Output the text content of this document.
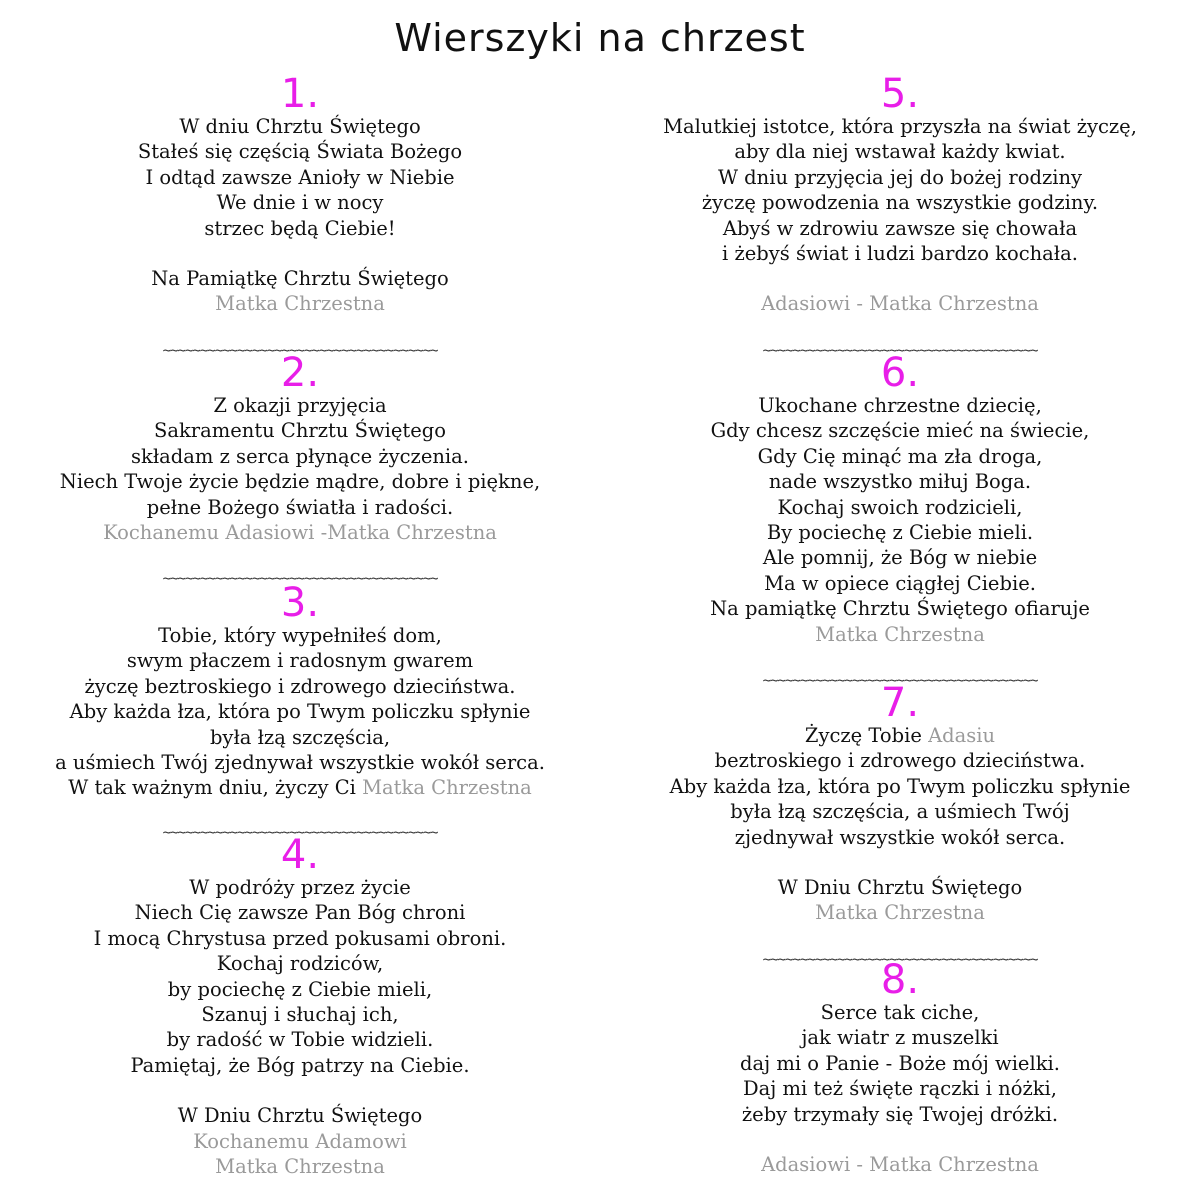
Wierszyki na chrzest
1.
W dniu Chrztu Świętego
Stałeś się częścią Świata Bożego
I odtąd zawsze Anioły w Niebie
We dnie i w nocy
strzec będą Ciebie!
Na Pamiątkę Chrztu Świętego
Matka Chrzestna
~~~~~~~~~~~~~~~~~~~~~~~~~~~~~~~~~~~~~
2.
Z okazji przyjęcia
Sakramentu Chrztu Świętego
składam z serca płynące życzenia.
Niech Twoje życie będzie mądre, dobre i piękne,
pełne Bożego światła i radości.
Kochanemu Adasiowi -Matka Chrzestna
~~~~~~~~~~~~~~~~~~~~~~~~~~~~~~~~~~~~~
3.
Tobie, który wypełniłeś dom,
swym płaczem i radosnym gwarem
życzę beztroskiego i zdrowego dzieciństwa.
Aby każda łza, która po Twym policzku spłynie
była łzą szczęścia,
a uśmiech Twój zjednywał wszystkie wokół serca.
W tak ważnym dniu, życzy Ci Matka Chrzestna
~~~~~~~~~~~~~~~~~~~~~~~~~~~~~~~~~~~~~
4.
W podróży przez życie
Niech Cię zawsze Pan Bóg chroni
I mocą Chrystusa przed pokusami obroni.
Kochaj rodziców,
by pociechę z Ciebie mieli,
Szanuj i słuchaj ich,
by radość w Tobie widzieli.
Pamiętaj, że Bóg patrzy na Ciebie.
W Dniu Chrztu Świętego
Kochanemu Adamowi
Matka Chrzestna
5.
Malutkiej istotce, która przyszła na świat życzę,
aby dla niej wstawał każdy kwiat.
W dniu przyjęcia jej do bożej rodziny
życzę powodzenia na wszystkie godziny.
Abyś w zdrowiu zawsze się chowała
i żebyś świat i ludzi bardzo kochała.
Adasiowi - Matka Chrzestna
~~~~~~~~~~~~~~~~~~~~~~~~~~~~~~~~~~~~~
6.
Ukochane chrzestne dziecię,
Gdy chcesz szczęście mieć na świecie,
Gdy Cię minąć ma zła droga,
nade wszystko miłuj Boga.
Kochaj swoich rodzicieli,
By pociechę z Ciebie mieli.
Ale pomnij, że Bóg w niebie
Ma w opiece ciągłej Ciebie.
Na pamiątkę Chrztu Świętego ofiaruje
Matka Chrzestna
~~~~~~~~~~~~~~~~~~~~~~~~~~~~~~~~~~~~~
7.
Życzę Tobie Adasiu
beztroskiego i zdrowego dzieciństwa.
Aby każda łza, która po Twym policzku spłynie
była łzą szczęścia, a uśmiech Twój
zjednywał wszystkie wokół serca.
W Dniu Chrztu Świętego
Matka Chrzestna
~~~~~~~~~~~~~~~~~~~~~~~~~~~~~~~~~~~~~
8.
Serce tak ciche,
jak wiatr z muszelki
daj mi o Panie - Boże mój wielki.
Daj mi też święte rączki i nóżki,
żeby trzymały się Twojej dróżki.
Adasiowi - Matka Chrzestna
